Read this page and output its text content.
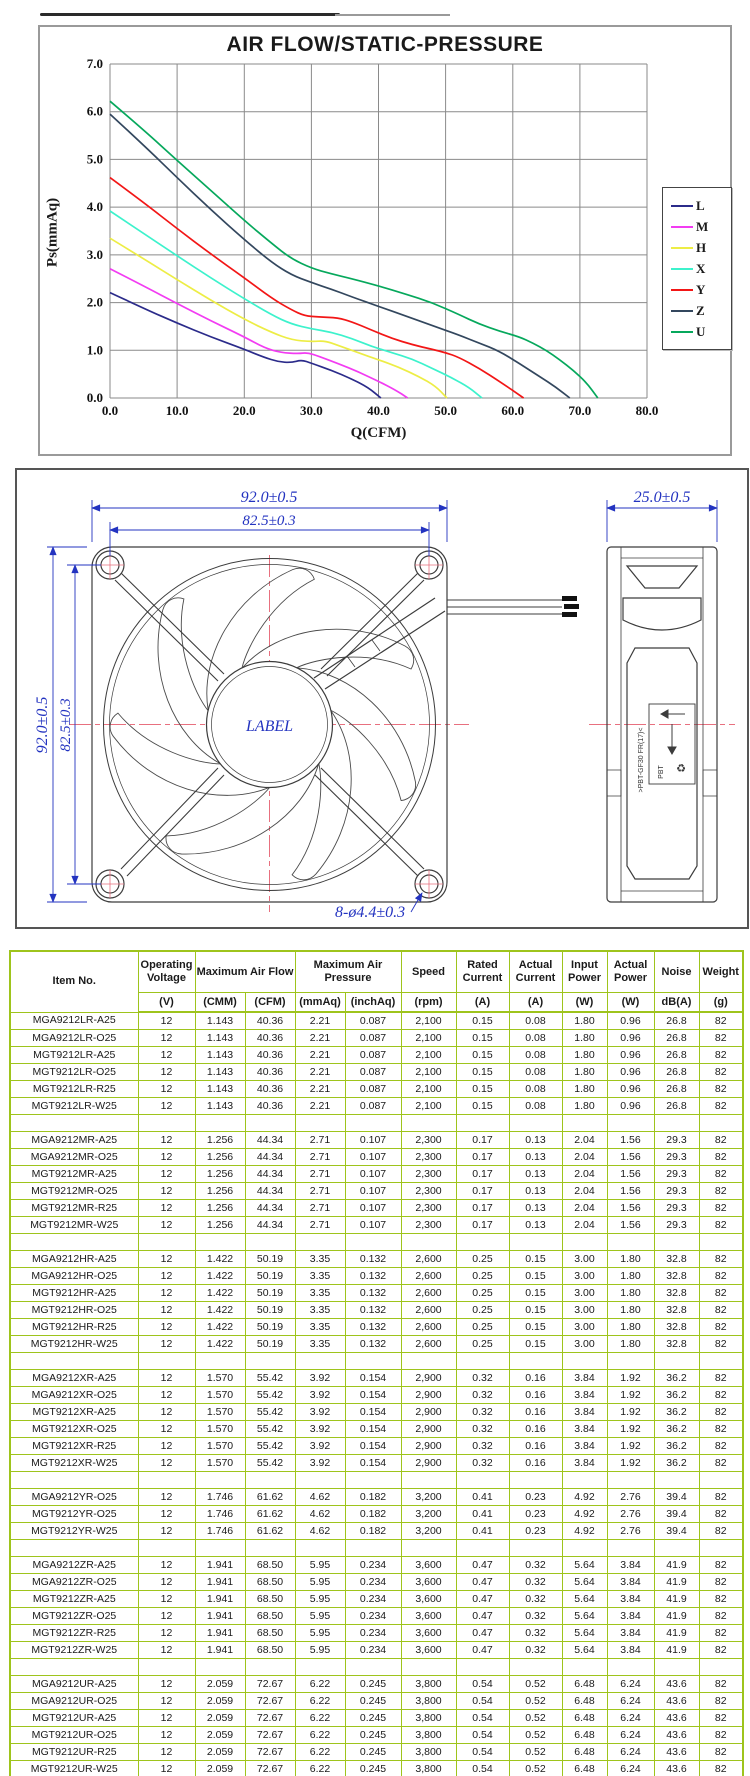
AIR FLOW/STATIC-PRESSURE
Ps(mmAq)
0.0
1.0
2.0
3.0
4.0
5.0
6.0
7.0
0.0	10.0	20.0	30.0	40.0	50.0	60.0	70.0	80.0
Q(CFM)
L
M
H
X
Y
Z
U
LABEL
♻
PBT
>PBT-GF30 FR(17)<
92.0±0.5
82.5±0.3
92.0±0.5 82.5±0.3
25.0±0.5
8-ø4.4±0.3
Item No.	Operating Voltage	Maximum Air Flow		Maximum Air Pressure		Speed	Rated Current	Actual Current	Input Power	Actual Power	Noise	Weight
	(V)	(CMM)	(CFM)	(mmAq)	(inchAq)	(rpm)	(A)	(A)	(W)	(W)	dB(A)	(g)
MGA9212LR-A25	12	1.143	40.36	2.21	0.087	2,100	0.15	0.08	1.80	0.96	26.8	82
MGA9212LR-O25	12	1.143	40.36	2.21	0.087	2,100	0.15	0.08	1.80	0.96	26.8	82
MGT9212LR-A25	12	1.143	40.36	2.21	0.087	2,100	0.15	0.08	1.80	0.96	26.8	82
MGT9212LR-O25	12	1.143	40.36	2.21	0.087	2,100	0.15	0.08	1.80	0.96	26.8	82
MGT9212LR-R25	12	1.143	40.36	2.21	0.087	2,100	0.15	0.08	1.80	0.96	26.8	82
MGT9212LR-W25	12	1.143	40.36	2.21	0.087	2,100	0.15	0.08	1.80	0.96	26.8	82

MGA9212MR-A25	12	1.256	44.34	2.71	0.107	2,300	0.17	0.13	2.04	1.56	29.3	82
MGA9212MR-O25	12	1.256	44.34	2.71	0.107	2,300	0.17	0.13	2.04	1.56	29.3	82
MGT9212MR-A25	12	1.256	44.34	2.71	0.107	2,300	0.17	0.13	2.04	1.56	29.3	82
MGT9212MR-O25	12	1.256	44.34	2.71	0.107	2,300	0.17	0.13	2.04	1.56	29.3	82
MGT9212MR-R25	12	1.256	44.34	2.71	0.107	2,300	0.17	0.13	2.04	1.56	29.3	82
MGT9212MR-W25	12	1.256	44.34	2.71	0.107	2,300	0.17	0.13	2.04	1.56	29.3	82

MGA9212HR-A25	12	1.422	50.19	3.35	0.132	2,600	0.25	0.15	3.00	1.80	32.8	82
MGA9212HR-O25	12	1.422	50.19	3.35	0.132	2,600	0.25	0.15	3.00	1.80	32.8	82
MGT9212HR-A25	12	1.422	50.19	3.35	0.132	2,600	0.25	0.15	3.00	1.80	32.8	82
MGT9212HR-O25	12	1.422	50.19	3.35	0.132	2,600	0.25	0.15	3.00	1.80	32.8	82
MGT9212HR-R25	12	1.422	50.19	3.35	0.132	2,600	0.25	0.15	3.00	1.80	32.8	82
MGT9212HR-W25	12	1.422	50.19	3.35	0.132	2,600	0.25	0.15	3.00	1.80	32.8	82

MGA9212XR-A25	12	1.570	55.42	3.92	0.154	2,900	0.32	0.16	3.84	1.92	36.2	82
MGA9212XR-O25	12	1.570	55.42	3.92	0.154	2,900	0.32	0.16	3.84	1.92	36.2	82
MGT9212XR-A25	12	1.570	55.42	3.92	0.154	2,900	0.32	0.16	3.84	1.92	36.2	82
MGT9212XR-O25	12	1.570	55.42	3.92	0.154	2,900	0.32	0.16	3.84	1.92	36.2	82
MGT9212XR-R25	12	1.570	55.42	3.92	0.154	2,900	0.32	0.16	3.84	1.92	36.2	82
MGT9212XR-W25	12	1.570	55.42	3.92	0.154	2,900	0.32	0.16	3.84	1.92	36.2	82

MGA9212YR-O25	12	1.746	61.62	4.62	0.182	3,200	0.41	0.23	4.92	2.76	39.4	82
MGT9212YR-O25	12	1.746	61.62	4.62	0.182	3,200	0.41	0.23	4.92	2.76	39.4	82
MGT9212YR-W25	12	1.746	61.62	4.62	0.182	3,200	0.41	0.23	4.92	2.76	39.4	82

MGA9212ZR-A25	12	1.941	68.50	5.95	0.234	3,600	0.47	0.32	5.64	3.84	41.9	82
MGA9212ZR-O25	12	1.941	68.50	5.95	0.234	3,600	0.47	0.32	5.64	3.84	41.9	82
MGT9212ZR-A25	12	1.941	68.50	5.95	0.234	3,600	0.47	0.32	5.64	3.84	41.9	82
MGT9212ZR-O25	12	1.941	68.50	5.95	0.234	3,600	0.47	0.32	5.64	3.84	41.9	82
MGT9212ZR-R25	12	1.941	68.50	5.95	0.234	3,600	0.47	0.32	5.64	3.84	41.9	82
MGT9212ZR-W25	12	1.941	68.50	5.95	0.234	3,600	0.47	0.32	5.64	3.84	41.9	82

MGA9212UR-A25	12	2.059	72.67	6.22	0.245	3,800	0.54	0.52	6.48	6.24	43.6	82
MGA9212UR-O25	12	2.059	72.67	6.22	0.245	3,800	0.54	0.52	6.48	6.24	43.6	82
MGT9212UR-A25	12	2.059	72.67	6.22	0.245	3,800	0.54	0.52	6.48	6.24	43.6	82
MGT9212UR-O25	12	2.059	72.67	6.22	0.245	3,800	0.54	0.52	6.48	6.24	43.6	82
MGT9212UR-R25	12	2.059	72.67	6.22	0.245	3,800	0.54	0.52	6.48	6.24	43.6	82
MGT9212UR-W25	12	2.059	72.67	6.22	0.245	3,800	0.54	0.52	6.48	6.24	43.6	82
